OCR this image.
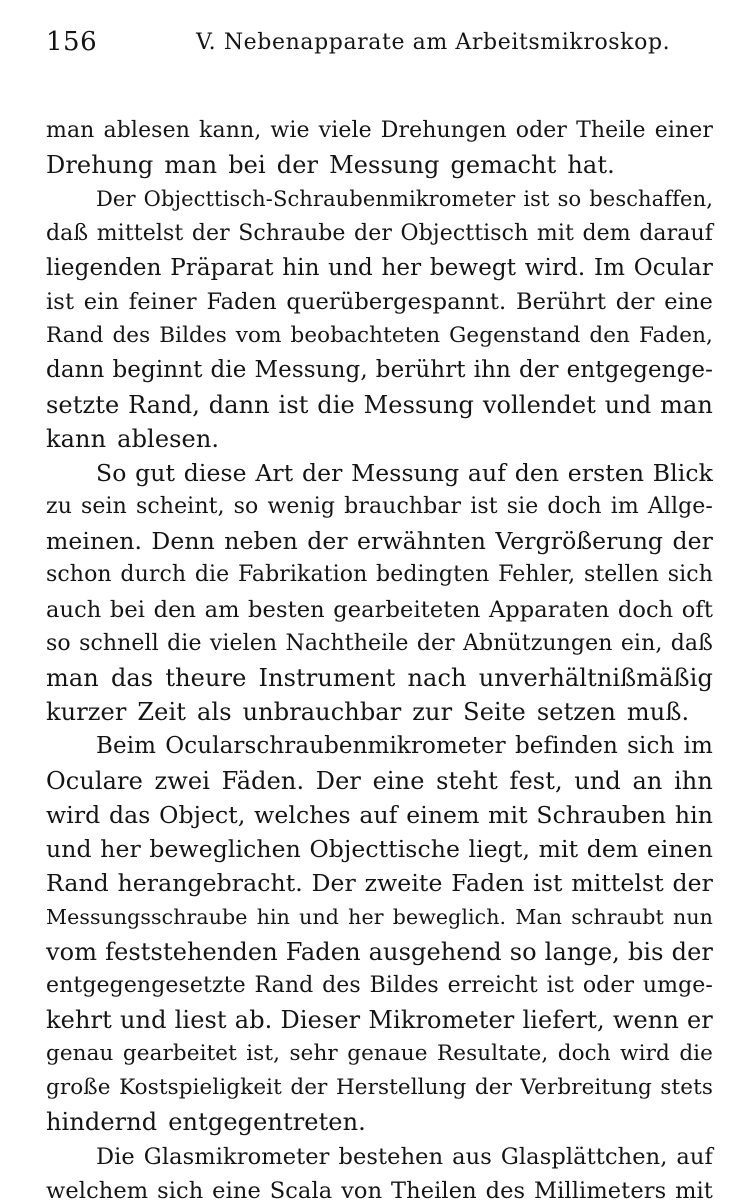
156	V. Nebenapparate am Arbeitsmikroskop.
man ablesen kann, wie viele Drehungen oder Theile einer
Drehung man bei der Messung gemacht hat.
Der Objecttisch-Schraubenmikrometer ist so beschaffen,
daß mittelst der Schraube der Objecttisch mit dem darauf
liegenden Präparat hin und her bewegt wird. Im Ocular
ist ein feiner Faden querübergespannt. Berührt der eine
Rand des Bildes vom beobachteten Gegenstand den Faden,
dann beginnt die Messung, berührt ihn der entgegenge-
setzte Rand, dann ist die Messung vollendet und man
kann ablesen.
So gut diese Art der Messung auf den ersten Blick
zu sein scheint, so wenig brauchbar ist sie doch im Allge-
meinen. Denn neben der erwähnten Vergrößerung der
schon durch die Fabrikation bedingten Fehler, stellen sich
auch bei den am besten gearbeiteten Apparaten doch oft
so schnell die vielen Nachtheile der Abnützungen ein, daß
man das theure Instrument nach unverhältnißmäßig
kurzer Zeit als unbrauchbar zur Seite setzen muß.
Beim Ocularschraubenmikrometer befinden sich im
Oculare zwei Fäden. Der eine steht fest, und an ihn
wird das Object, welches auf einem mit Schrauben hin
und her beweglichen Objecttische liegt, mit dem einen
Rand herangebracht. Der zweite Faden ist mittelst der
Messungsschraube hin und her beweglich. Man schraubt nun
vom feststehenden Faden ausgehend so lange, bis der
entgegengesetzte Rand des Bildes erreicht ist oder umge-
kehrt und liest ab. Dieser Mikrometer liefert, wenn er
genau gearbeitet ist, sehr genaue Resultate, doch wird die
große Kostspieligkeit der Herstellung der Verbreitung stets
hindernd entgegentreten.
Die Glasmikrometer bestehen aus Glasplättchen, auf
welchem sich eine Scala von Theilen des Millimeters mit
